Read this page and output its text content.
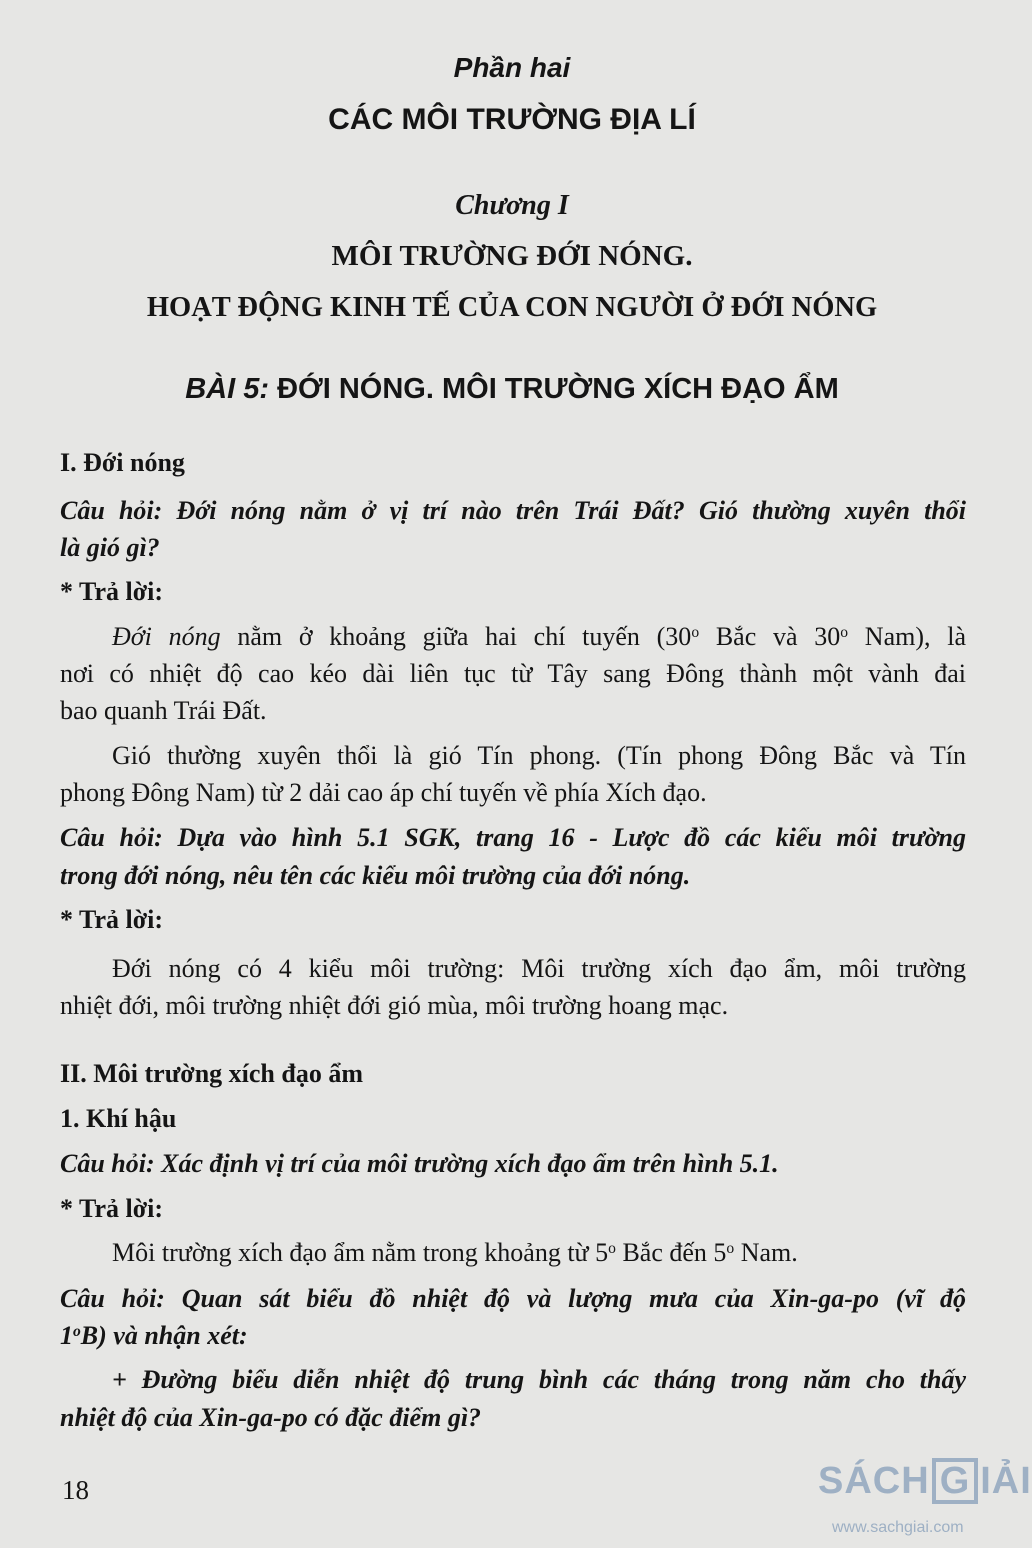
Phần hai
CÁC MÔI TRƯỜNG ĐỊA LÍ
Chương I
MÔI TRƯỜNG ĐỚI NÓNG.
HOẠT ĐỘNG KINH TẾ CỦA CON NGƯỜI Ở ĐỚI NÓNG
BÀI 5: ĐỚI NÓNG. MÔI TRƯỜNG XÍCH ĐẠO ẨM
I. Đới nóng
Câu hỏi: Đới nóng nằm ở vị trí nào trên Trái Đất? Gió thường xuyên thổi
là gió gì?
* Trả lời:
Đới nóng nằm ở khoảng giữa hai chí tuyến (30$^o$ Bắc và 30$^o$ Nam), là
nơi có nhiệt độ cao kéo dài liên tục từ Tây sang Đông thành một vành đai
bao quanh Trái Đất.
Gió thường xuyên thổi là gió Tín phong. (Tín phong Đông Bắc và Tín
phong Đông Nam) từ 2 dải cao áp chí tuyến về phía Xích đạo.
Câu hỏi: Dựa vào hình 5.1 SGK, trang 16 - Lược đồ các kiểu môi trường
trong đới nóng, nêu tên các kiểu môi trường của đới nóng.
* Trả lời:
Đới nóng có 4 kiểu môi trường: Môi trường xích đạo ẩm, môi trường
nhiệt đới, môi trường nhiệt đới gió mùa, môi trường hoang mạc.
II. Môi trường xích đạo ẩm
1. Khí hậu
Câu hỏi: Xác định vị trí của môi trường xích đạo ẩm trên hình 5.1.
* Trả lời:
Môi trường xích đạo ẩm nằm trong khoảng từ 5$^o$ Bắc đến 5$^o$ Nam.
Câu hỏi: Quan sát biểu đồ nhiệt độ và lượng mưa của Xin-ga-po (vĩ độ
1$^o$B) và nhận xét:
+ Đường biểu diễn nhiệt độ trung bình các tháng trong năm cho thấy
nhiệt độ của Xin-ga-po có đặc điểm gì?
18	SÁCH G IẢI
www.sachgiai.com
